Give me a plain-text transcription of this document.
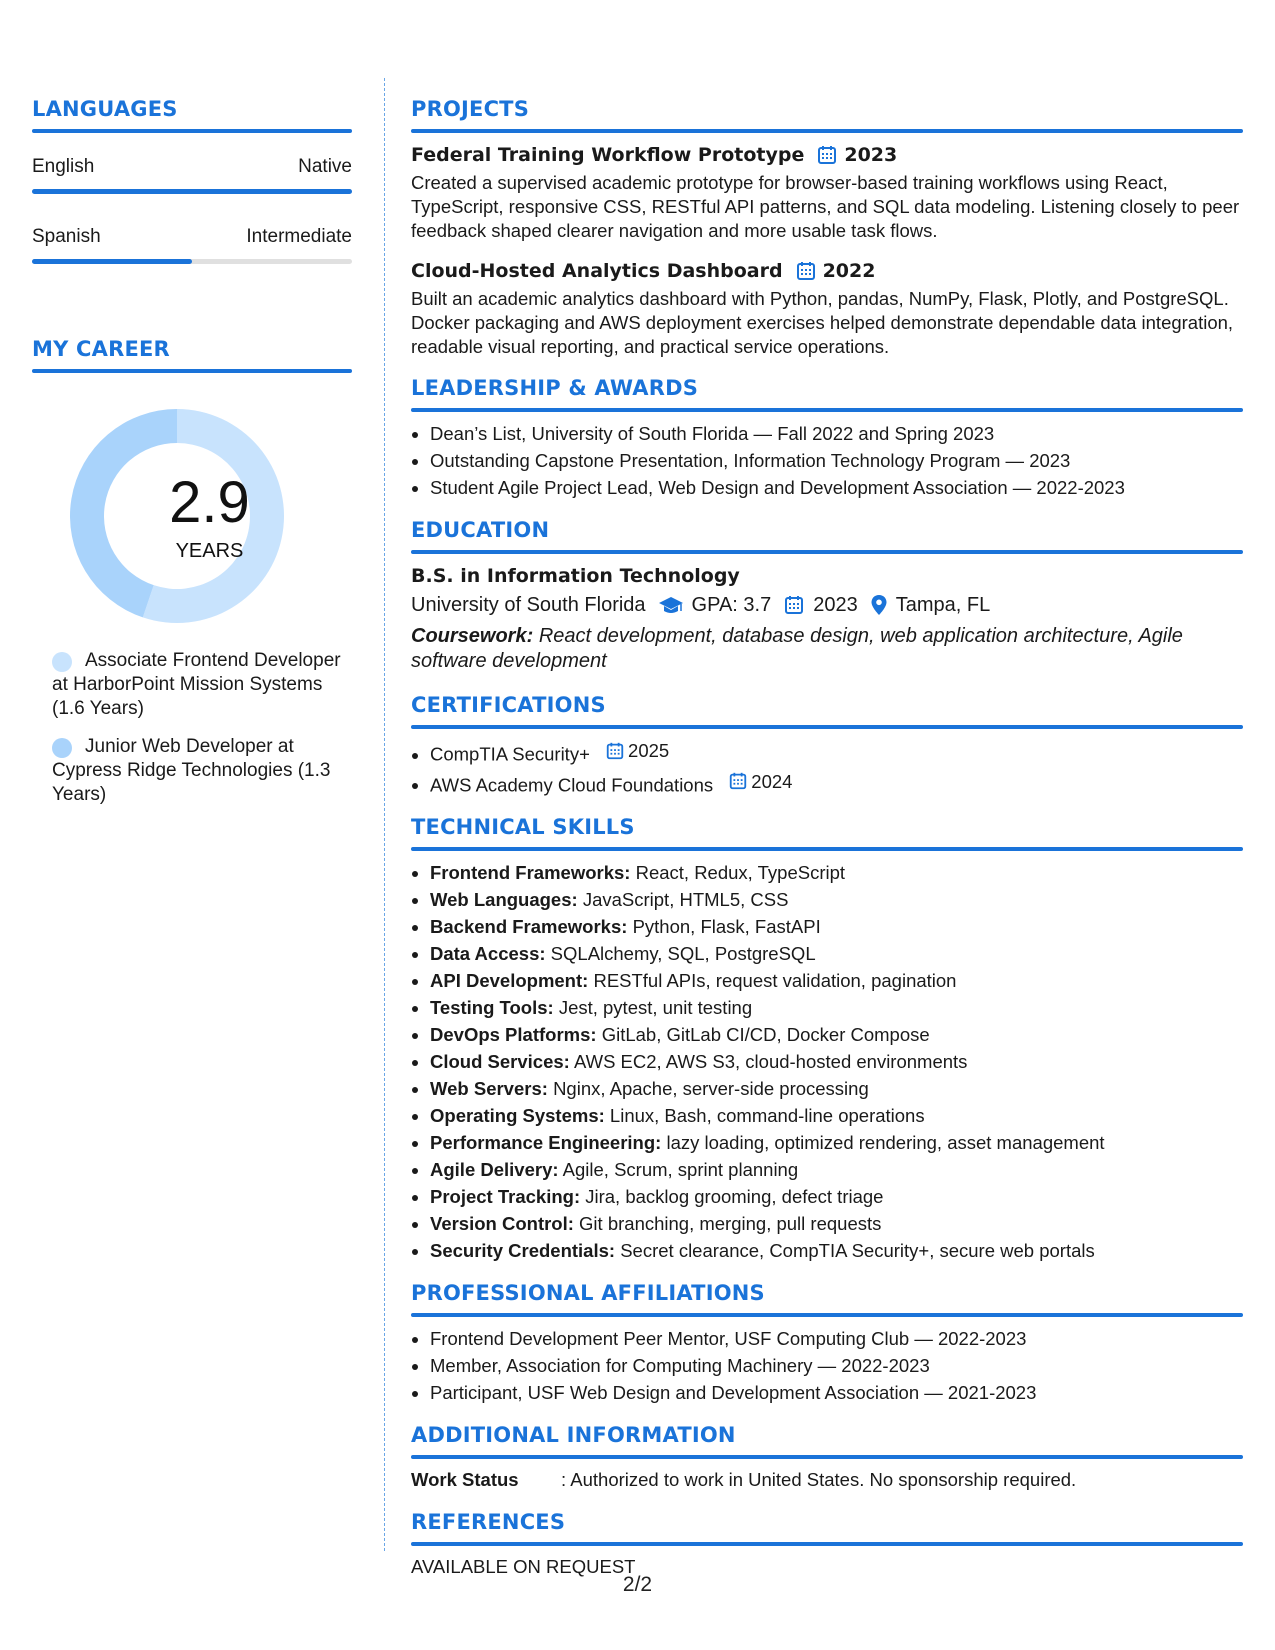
LANGUAGES
English	Native
Spanish	Intermediate
MY CAREER
2.9
YEARS
Associate Frontend Developer at HarborPoint Mission Systems (1.6 Years)
Junior Web Developer at Cypress Ridge Technologies (1.3 Years)
PROJECTS
Federal Training Workflow Prototype 2023
Created a supervised academic prototype for browser-based training workflows using React, TypeScript, responsive CSS, RESTful API patterns, and SQL data modeling. Listening closely to peer feedback shaped clearer navigation and more usable task flows.
Cloud-Hosted Analytics Dashboard 2022
Built an academic analytics dashboard with Python, pandas, NumPy, Flask, Plotly, and PostgreSQL. Docker packaging and AWS deployment exercises helped demonstrate dependable data integration, readable visual reporting, and practical service operations.
LEADERSHIP & AWARDS
• Dean’s List, University of South Florida — Fall 2022 and Spring 2023
• Outstanding Capstone Presentation, Information Technology Program — 2023
• Student Agile Project Lead, Web Design and Development Association — 2022-2023
EDUCATION
B.S. in Information Technology
University of South Florida GPA: 3.7 2023 Tampa, FL
Coursework: React development, database design, web application architecture, Agile software development
CERTIFICATIONS
• CompTIA Security+ 2025
• AWS Academy Cloud Foundations 2024
TECHNICAL SKILLS
• Frontend Frameworks: React, Redux, TypeScript
• Web Languages: JavaScript, HTML5, CSS
• Backend Frameworks: Python, Flask, FastAPI
• Data Access: SQLAlchemy, SQL, PostgreSQL
• API Development: RESTful APIs, request validation, pagination
• Testing Tools: Jest, pytest, unit testing
• DevOps Platforms: GitLab, GitLab CI/CD, Docker Compose
• Cloud Services: AWS EC2, AWS S3, cloud-hosted environments
• Web Servers: Nginx, Apache, server-side processing
• Operating Systems: Linux, Bash, command-line operations
• Performance Engineering: lazy loading, optimized rendering, asset management
• Agile Delivery: Agile, Scrum, sprint planning
• Project Tracking: Jira, backlog grooming, defect triage
• Version Control: Git branching, merging, pull requests
• Security Credentials: Secret clearance, CompTIA Security+, secure web portals
PROFESSIONAL AFFILIATIONS
• Frontend Development Peer Mentor, USF Computing Club — 2022-2023
• Member, Association for Computing Machinery — 2022-2023
• Participant, USF Web Design and Development Association — 2021-2023
ADDITIONAL INFORMATION
Work Status	: Authorized to work in United States. No sponsorship required.
REFERENCES
AVAILABLE ON REQUEST
2/2
